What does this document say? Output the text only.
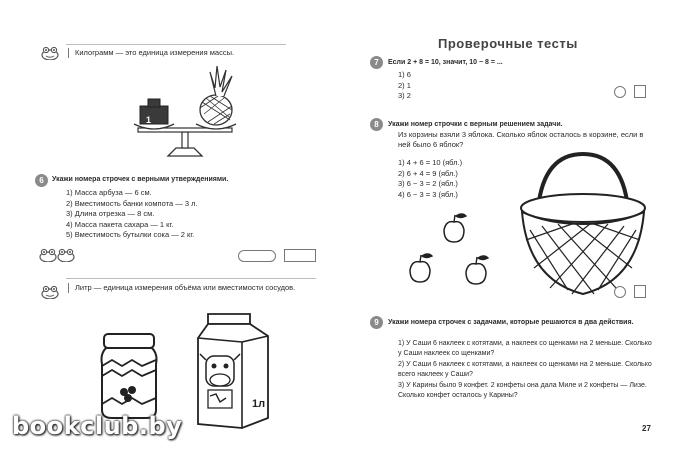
Килограмм — это единица измерения массы.
1
6	Укажи номера строчек с верными утверждениями.
1) Масса арбуза — 6 см.
2) Вместимость банки компота — 3 л.
3) Длина отрезка — 8 см.
4) Масса пакета сахара — 1 кг.
5) Вместимость бутылки сока — 2 кг.
Литр — единица измерения объёма или вместимости сосудов.
1л
Проверочные тесты
7	Если 2 + 8 = 10, значит, 10 − 8 = ...
1) 6
2) 1
3) 2
8	Укажи номер строчки с верным решением задачи.
Из корзины взяли 3 яблока. Сколько яблок осталось в корзине, если в ней было 6 яблок?
1) 4 + 6 = 10 (ябл.)
2) 6 + 4 = 9 (ябл.)
3) 6 − 3 = 2 (ябл.)
4) 6 − 3 = 3 (ябл.)
9	Укажи номера строчек с задачами, которые решаются в два действия.
1) У Саши 6 наклеек с котятами, а наклеек со щенками на 2 меньше. Сколько у Саши наклеек со щенками?
2) У Саши 6 наклеек с котятами, а наклеек со щенками на 2 меньше. Сколько всего наклеек у Саши?
3) У Карины было 9 конфет. 2 конфеты она дала Миле и 2 конфеты — Лизе. Сколько конфет осталось у Карины?
27
bookclub.by
